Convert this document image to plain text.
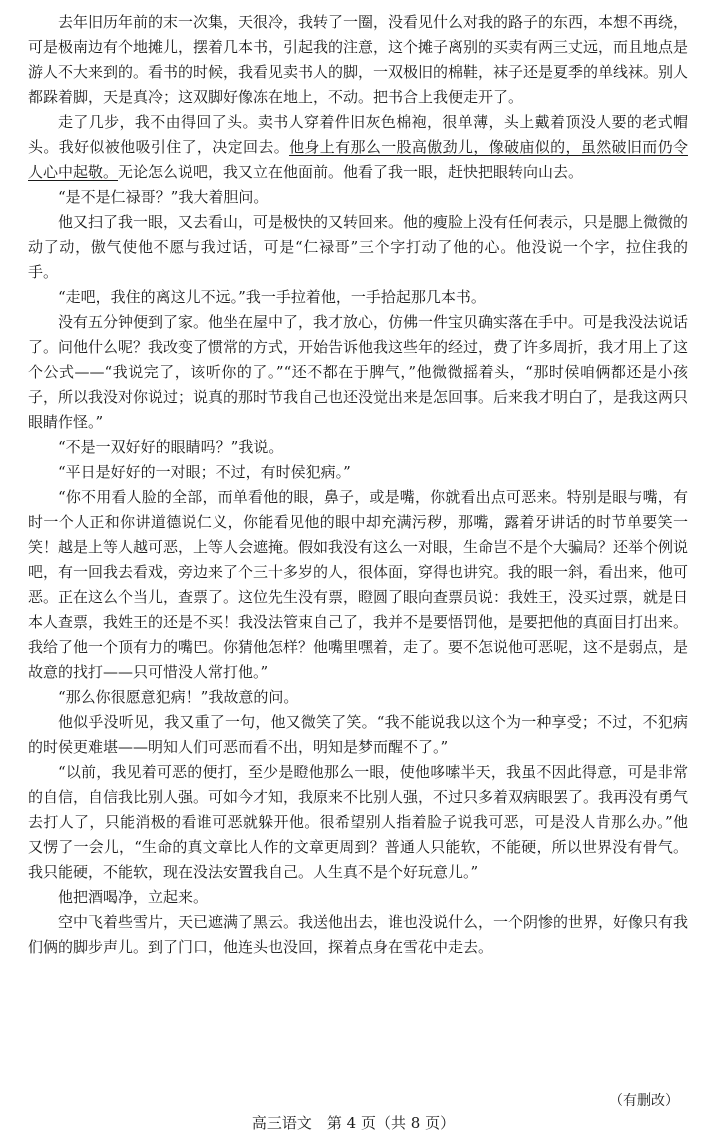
去年旧历年前的末一次集，天很冷，我转了一圈，没看见什么对我的路子的东西，本想不再绕，可是极南边有个地摊儿，摆着几本书，引起我的注意，这个摊子离别的买卖有两三丈远，而且地点是游人不大来到的。看书的时候，我看见卖书人的脚，一双极旧的棉鞋，袜子还是夏季的单线袜。别人都跺着脚，天是真冷；这双脚好像冻在地上，不动。把书合上我便走开了。

走了几步，我不由得回了头。卖书人穿着件旧灰色棉袍，很单薄，头上戴着顶没人要的老式帽头。我好似被他吸引住了，决定回去。他身上有那么一股高傲劲儿，像破庙似的，虽然破旧而仍令人心中起敬。无论怎么说吧，我又立在他面前。他看了我一眼，赶快把眼转向山去。

“是不是仁禄哥？”我大着胆问。

他又扫了我一眼，又去看山，可是极快的又转回来。他的瘦脸上没有任何表示，只是腮上微微的动了动，傲气使他不愿与我过话，可是“仁禄哥”三个字打动了他的心。他没说一个字，拉住我的手。

“走吧，我住的离这儿不远。”我一手拉着他，一手拾起那几本书。

没有五分钟便到了家。他坐在屋中了，我才放心，仿佛一件宝贝确实落在手中。可是我没法说话了。问他什么呢？我改变了惯常的方式，开始告诉他我这些年的经过，费了许多周折，我才用上了这个公式——“我说完了，该听你的了。”“还不都在于脾气，”他微微摇着头，“那时侯咱俩都还是小孩子，所以我没对你说过；说真的那时节我自己也还没觉出来是怎回事。后来我才明白了，是我这两只眼睛作怪。”

“不是一双好好的眼睛吗？”我说。

“平日是好好的一对眼；不过，有时侯犯病。”

“你不用看人脸的全部，而单看他的眼，鼻子，或是嘴，你就看出点可恶来。特别是眼与嘴，有时一个人正和你讲道德说仁义，你能看见他的眼中却充满污秽，那嘴，露着牙讲话的时节单要笑一笑！越是上等人越可恶，上等人会遮掩。假如我没有这么一对眼，生命岂不是个大骗局？还举个例说吧，有一回我去看戏，旁边来了个三十多岁的人，很体面，穿得也讲究。我的眼一斜，看出来，他可恶。正在这么个当儿，查票了。这位先生没有票，瞪圆了眼向查票员说：我姓王，没买过票，就是日本人查票，我姓王的还是不买！我没法管束自己了，我并不是要悟罚他，是要把他的真面目打出来。我给了他一个顶有力的嘴巴。你猜他怎样？他嘴里嘿着，走了。要不怎说他可恶呢，这不是弱点，是故意的找打——只可惜没人常打他。”

“那么你很愿意犯病！”我故意的问。

他似乎没听见，我又重了一句，他又微笑了笑。“我不能说我以这个为一种享受；不过，不犯病的时侯更难堪——明知人们可恶而看不出，明知是梦而醒不了。”

“以前，我见着可恶的便打，至少是瞪他那么一眼，使他哆嗦半天，我虽不因此得意，可是非常的自信，自信我比别人强。可如今才知，我原来不比别人强，不过只多着双病眼罢了。我再没有勇气去打人了，只能消极的看谁可恶就躲开他。很希望别人指着脸子说我可恶，可是没人肯那么办。”他又愣了一会儿，“生命的真文章比人作的文章更周到？普通人只能软，不能硬，所以世界没有骨气。我只能硬，不能软，现在没法安置我自己。人生真不是个好玩意儿。”

他把酒喝净，立起来。

空中飞着些雪片，天已遮满了黑云。我送他出去，谁也没说什么，一个阴惨的世界，好像只有我们俩的脚步声儿。到了门口，他连头也没回，探着点身在雪花中走去。

（有删改）
高三语文　第 4 页（共 8 页）
